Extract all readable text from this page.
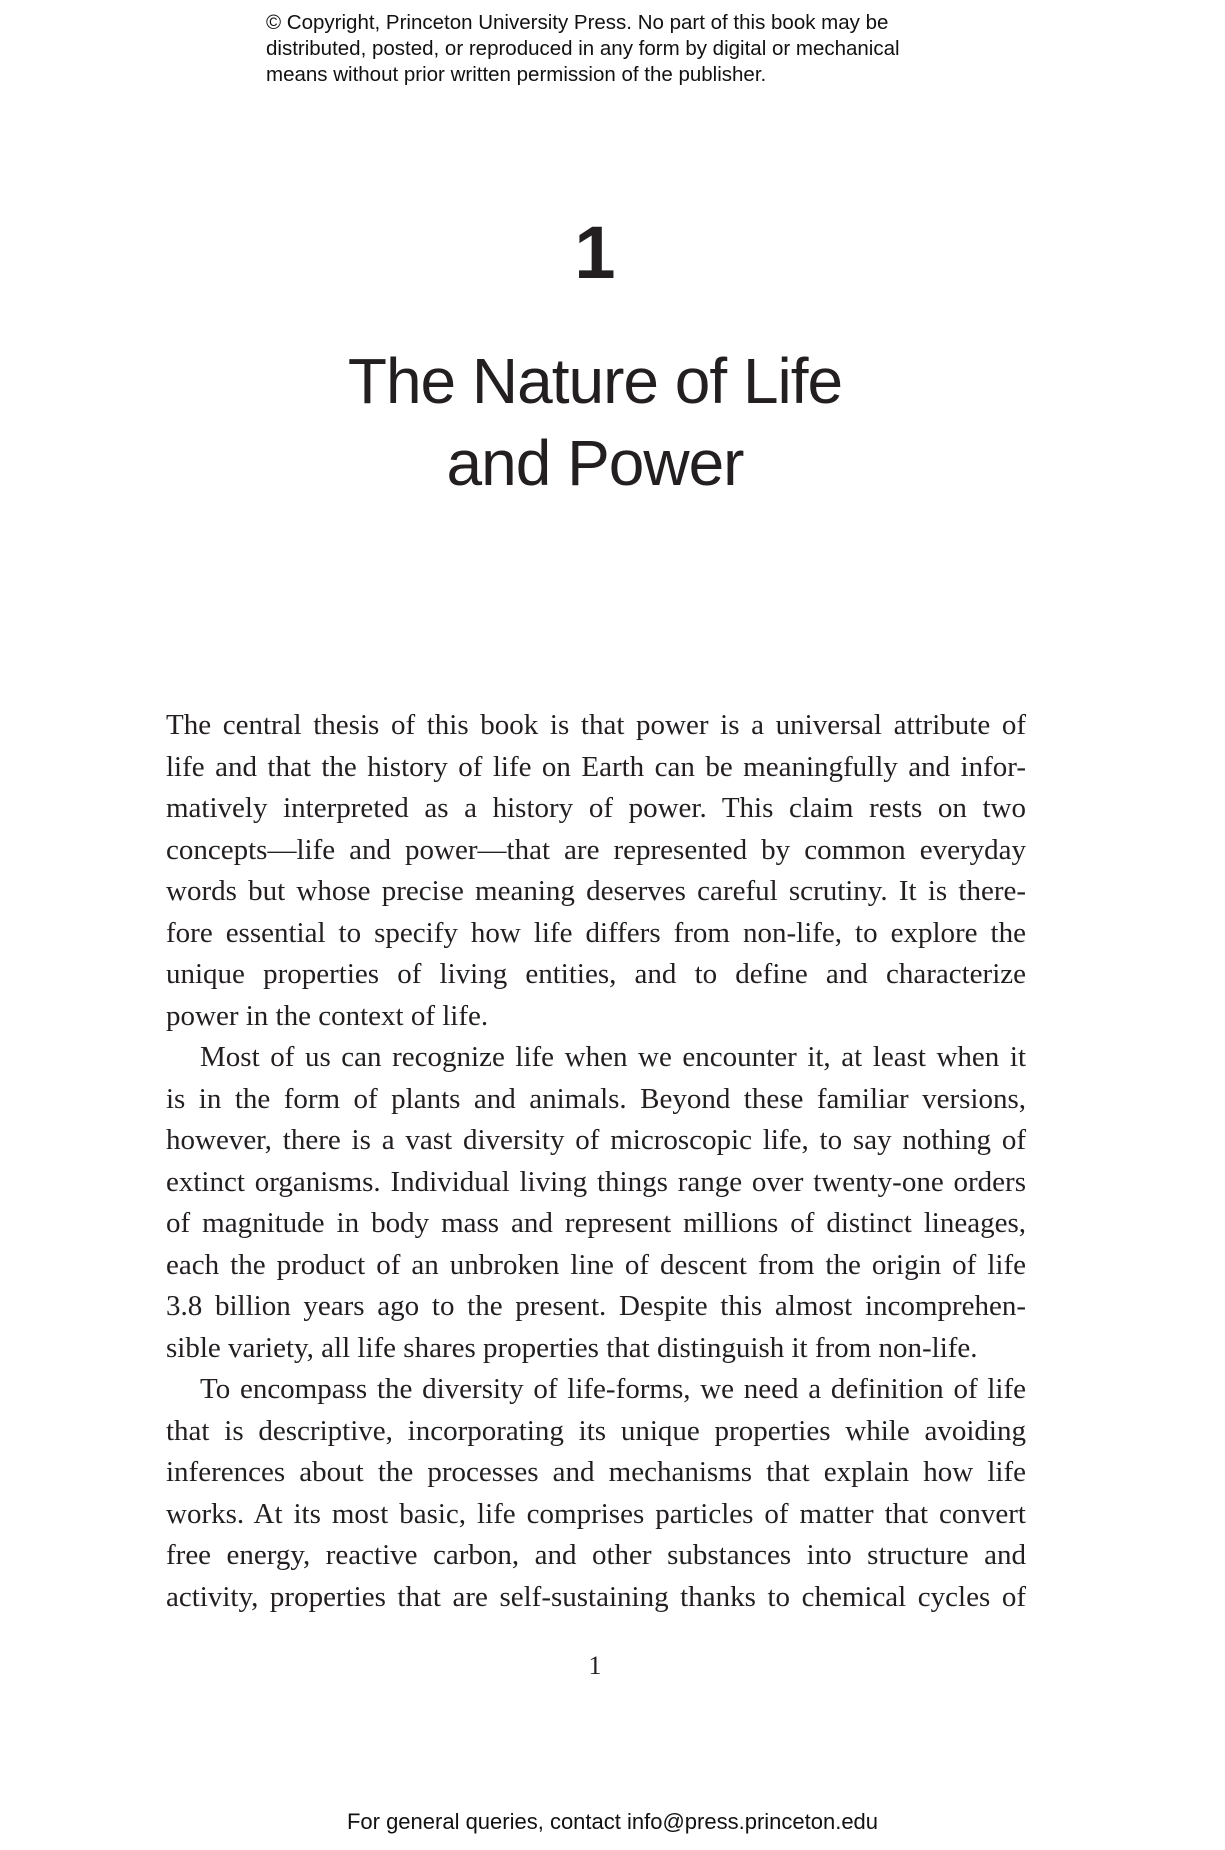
© Copyright, Princeton University Press. No part of this book may be
distributed, posted, or reproduced in any form by digital or mechanical
means without prior written permission of the publisher.
1
The Nature of Life
and Power
The central thesis of this book is that power is a universal attribute of
life and that the history of life on Earth can be meaningfully and infor-
matively interpreted as a history of power. This claim rests on two
concepts—life and power—that are represented by common everyday
words but whose precise meaning deserves careful scrutiny. It is there-
fore essential to specify how life differs from non-life, to explore the
unique properties of living entities, and to define and characterize
power in the context of life.
Most of us can recognize life when we encounter it, at least when it
is in the form of plants and animals. Beyond these familiar versions,
however, there is a vast diversity of microscopic life, to say nothing of
extinct organisms. Individual living things range over twenty-one orders
of magnitude in body mass and represent millions of distinct lineages,
each the product of an unbroken line of descent from the origin of life
3.8 billion years ago to the present. Despite this almost incomprehen-
sible variety, all life shares properties that distinguish it from non-life.
To encompass the diversity of life-forms, we need a definition of life
that is descriptive, incorporating its unique properties while avoiding
inferences about the processes and mechanisms that explain how life
works. At its most basic, life comprises particles of matter that convert
free energy, reactive carbon, and other substances into structure and
activity, properties that are self-sustaining thanks to chemical cycles of
1
For general queries, contact info@press.princeton.edu
